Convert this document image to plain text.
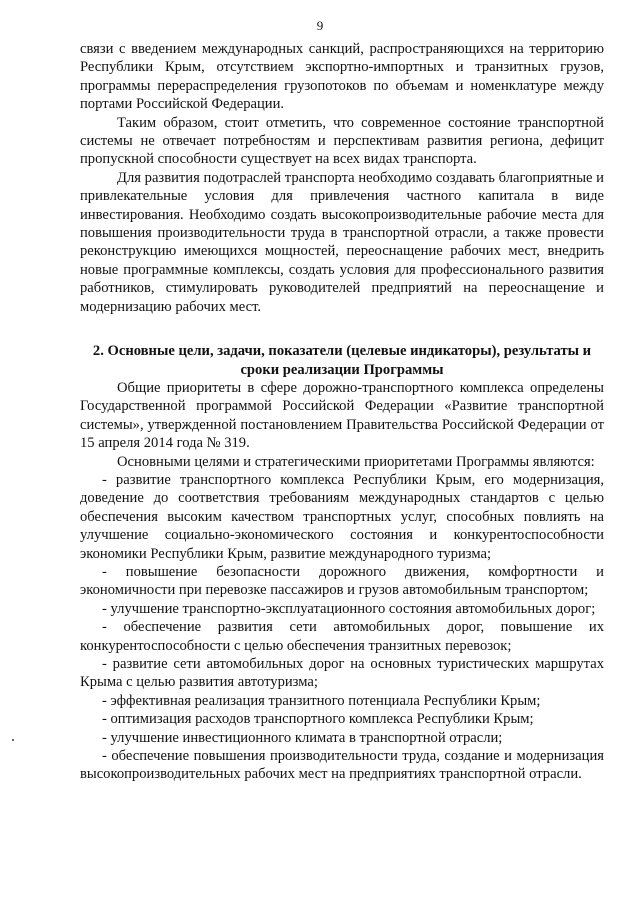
9

связи с введением международных санкций, распространяющихся на территорию Республики Крым, отсутствием экспортно-импортных и транзитных грузов, программы перераспределения грузопотоков по объемам и номенклатуре между портами Российской Федерации.

Таким образом, стоит отметить, что современное состояние транспортной системы не отвечает потребностям и перспективам развития региона, дефицит пропускной способности существует на всех видах транспорта.

Для развития подотраслей транспорта необходимо создавать благоприятные и привлекательные условия для привлечения частного капитала в виде инвестирования. Необходимо создать высокопроизводительные рабочие места для повышения производительности труда в транспортной отрасли, а также провести реконструкцию имеющихся мощностей, переоснащение рабочих мест, внедрить новые программные комплексы, создать условия для профессионального развития работников, стимулировать руководителей предприятий на переоснащение и модернизацию рабочих мест.

2. Основные цели, задачи, показатели (целевые индикаторы), результаты и сроки реализации Программы

Общие приоритеты в сфере дорожно-транспортного комплекса определены Государственной программой Российской Федерации «Развитие транспортной системы», утвержденной постановлением Правительства Российской Федерации от 15 апреля 2014 года № 319.

Основными целями и стратегическими приоритетами Программы являются:

- развитие транспортного комплекса Республики Крым, его модернизация, доведение до соответствия требованиям международных стандартов с целью обеспечения высоким качеством транспортных услуг, способных повлиять на улучшение социально-экономического состояния и конкурентоспособности экономики Республики Крым, развитие международного туризма;

- повышение безопасности дорожного движения, комфортности и экономичности при перевозке пассажиров и грузов автомобильным транспортом;

- улучшение транспортно-эксплуатационного состояния автомобильных дорог;

- обеспечение развития сети автомобильных дорог, повышение их конкурентоспособности с целью обеспечения транзитных перевозок;

- развитие сети автомобильных дорог на основных туристических маршрутах Крыма с целью развития автотуризма;

- эффективная реализация транзитного потенциала Республики Крым;

- оптимизация расходов транспортного комплекса Республики Крым;

- улучшение инвестиционного климата в транспортной отрасли;

- обеспечение повышения производительности труда, создание и модернизация высокопроизводительных рабочих мест на предприятиях транспортной отрасли.
